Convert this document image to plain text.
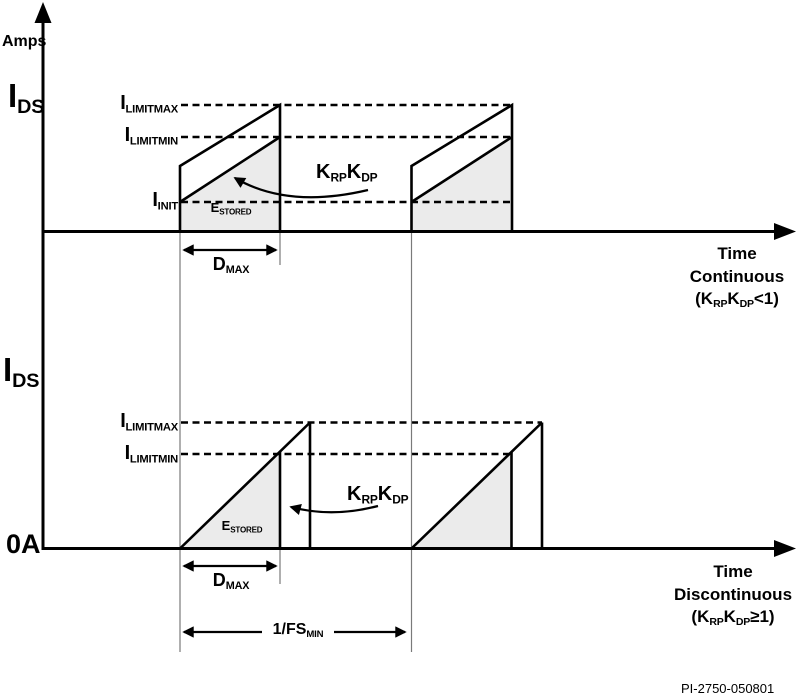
Amps
$I_{DS}$	$I_{LIMITMAX}$
$I_{LIMITMIN}$
$I_{INIT}$	$E_{STORED}$
$K_{RP}K_{DP}$
$D_{MAX}$
Time
Continuous
$(K_{RP}K_{DP}<1)$
$I_{DS}$
$I_{LIMITMAX}$
$I_{LIMITMIN}$
$E_{STORED}$
$K_{RP}K_{DP}$
0A
$D_{MAX}$
$1/FS_{MIN}$
Time
Discontinuous
$(K_{RP}K_{DP}\ge 1)$
PI-2750-050801
